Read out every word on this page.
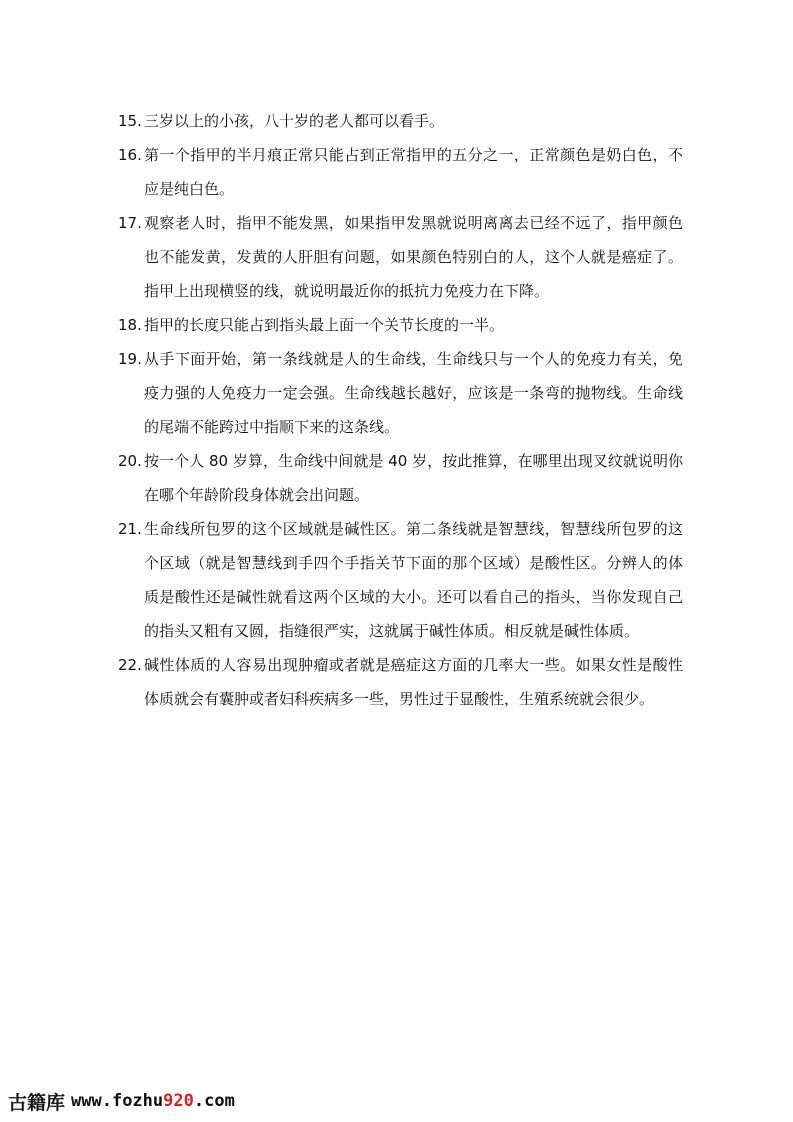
15. 三岁以上的小孩，八十岁的老人都可以看手。
16. 第一个指甲的半月痕正常只能占到正常指甲的五分之一，正常颜色是奶白色，不应是纯白色。
17. 观察老人时，指甲不能发黑，如果指甲发黑就说明离离去已经不远了，指甲颜色也不能发黄，发黄的人肝胆有问题，如果颜色特别白的人，这个人就是癌症了。指甲上出现横竖的线，就说明最近你的抵抗力免疫力在下降。
18. 指甲的长度只能占到指头最上面一个关节长度的一半。
19. 从手下面开始，第一条线就是人的生命线，生命线只与一个人的免疫力有关，免疫力强的人免疫力一定会强。生命线越长越好，应该是一条弯的抛物线。生命线的尾端不能跨过中指顺下来的这条线。
20. 按一个人 80 岁算，生命线中间就是 40 岁，按此推算，在哪里出现叉纹就说明你在哪个年龄阶段身体就会出问题。
21. 生命线所包罗的这个区域就是碱性区。第二条线就是智慧线，智慧线所包罗的这个区域（就是智慧线到手四个手指关节下面的那个区域）是酸性区。分辨人的体质是酸性还是碱性就看这两个区域的大小。还可以看自己的指头，当你发现自己的指头又粗有又圆，指缝很严实，这就属于碱性体质。相反就是碱性体质。
22. 碱性体质的人容易出现肿瘤或者就是癌症这方面的几率大一些。如果女性是酸性体质就会有囊肿或者妇科疾病多一些，男性过于显酸性，生殖系统就会很少。
古籍库 www.fozhu920.com
